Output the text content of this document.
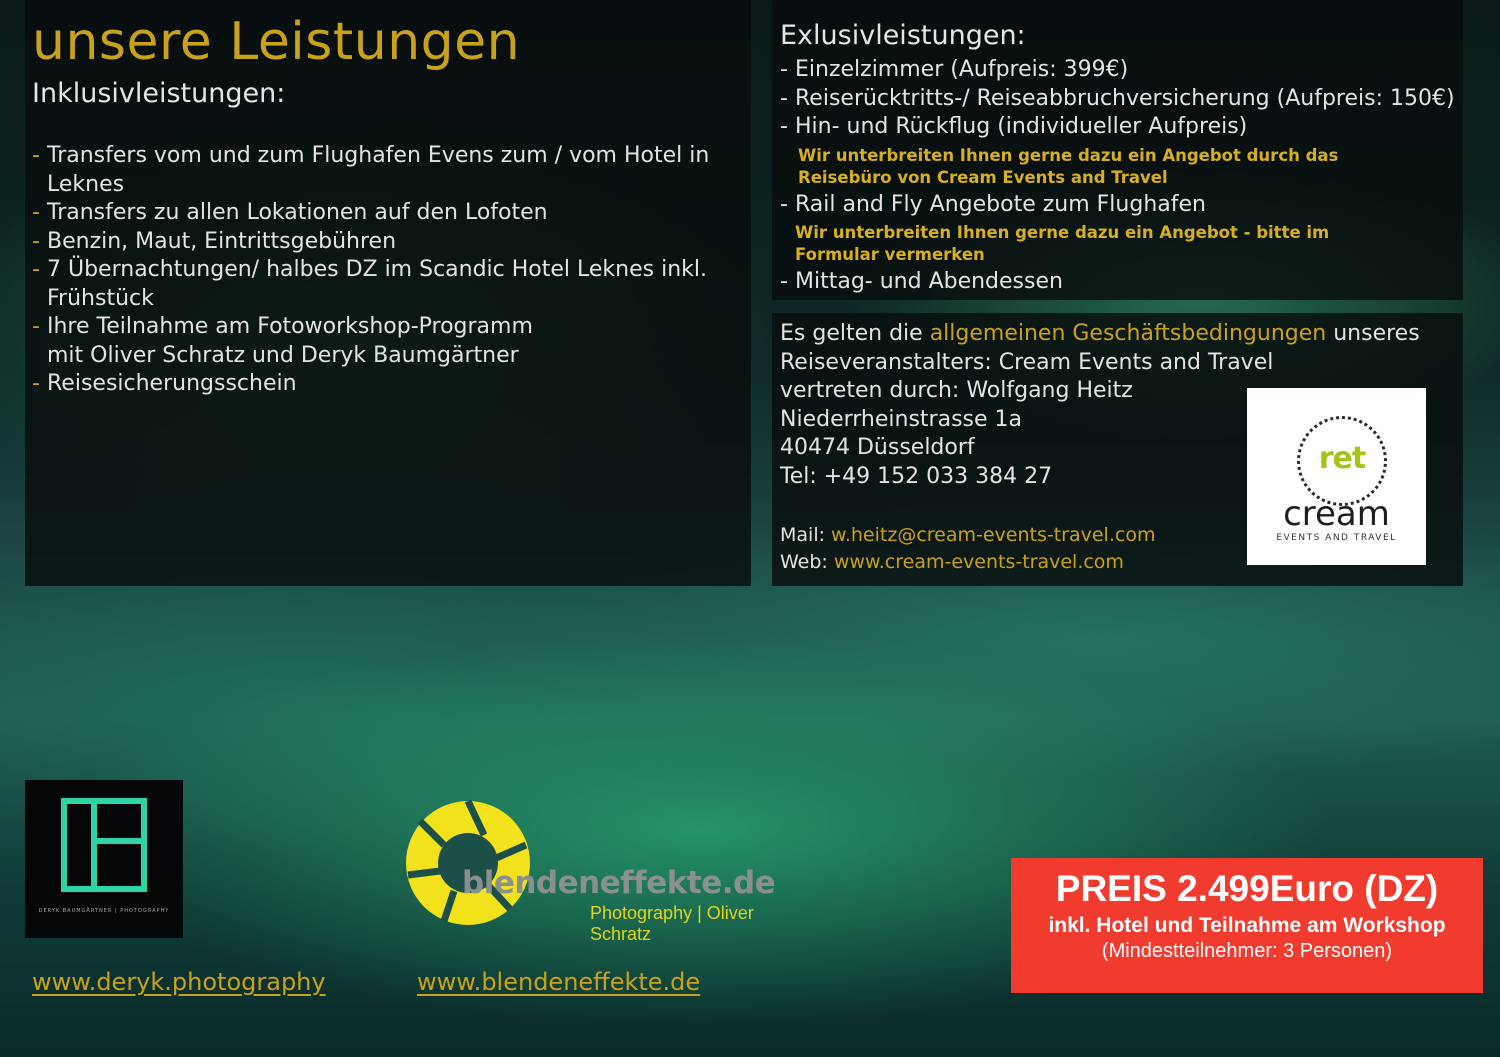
unsere Leistungen
Inklusivleistungen:
- Transfers vom und zum Flughafen Evens zum / vom Hotel in Leknes
- Transfers zu allen Lokationen auf den Lofoten
- Benzin, Maut, Eintrittsgebühren
- 7 Übernachtungen/ halbes DZ im Scandic Hotel Leknes inkl. Frühstück
- Ihre Teilnahme am Fotoworkshop-Programm mit Oliver Schratz und Deryk Baumgärtner
- Reisesicherungsschein
Exlusivleistungen:
- Einzelzimmer (Aufpreis: 399€)
- Reiserücktritts-/ Reiseabbruchversicherung (Aufpreis: 150€)
- Hin- und Rückflug (individueller Aufpreis)
Wir unterbreiten Ihnen gerne dazu ein Angebot durch das Reisebüro von Cream Events and Travel
- Rail and Fly Angebote zum Flughafen
Wir unterbreiten Ihnen gerne dazu ein Angebot - bitte im Formular vermerken
- Mittag- und Abendessen
Es gelten die allgemeinen Geschäftsbedingungen unseres
Reiseveranstalters: Cream Events and Travel
vertreten durch: Wolfgang Heitz
Niederrheinstrasse 1a
40474 Düsseldorf
Tel: +49 152 033 384 27
Mail: w.heitz@cream-events-travel.com
Web: www.cream-events-travel.com
ret
cream
EVENTS AND TRAVEL
DERYK BAUMGÄRTNER | PHOTOGRAPHY
blendeneffekte.de
Photography | Oliver Schratz
www.deryk.photography	www.blendeneffekte.de
PREIS 2.499Euro (DZ)
inkl. Hotel und Teilnahme am Workshop
(Mindestteilnehmer: 3 Personen)
